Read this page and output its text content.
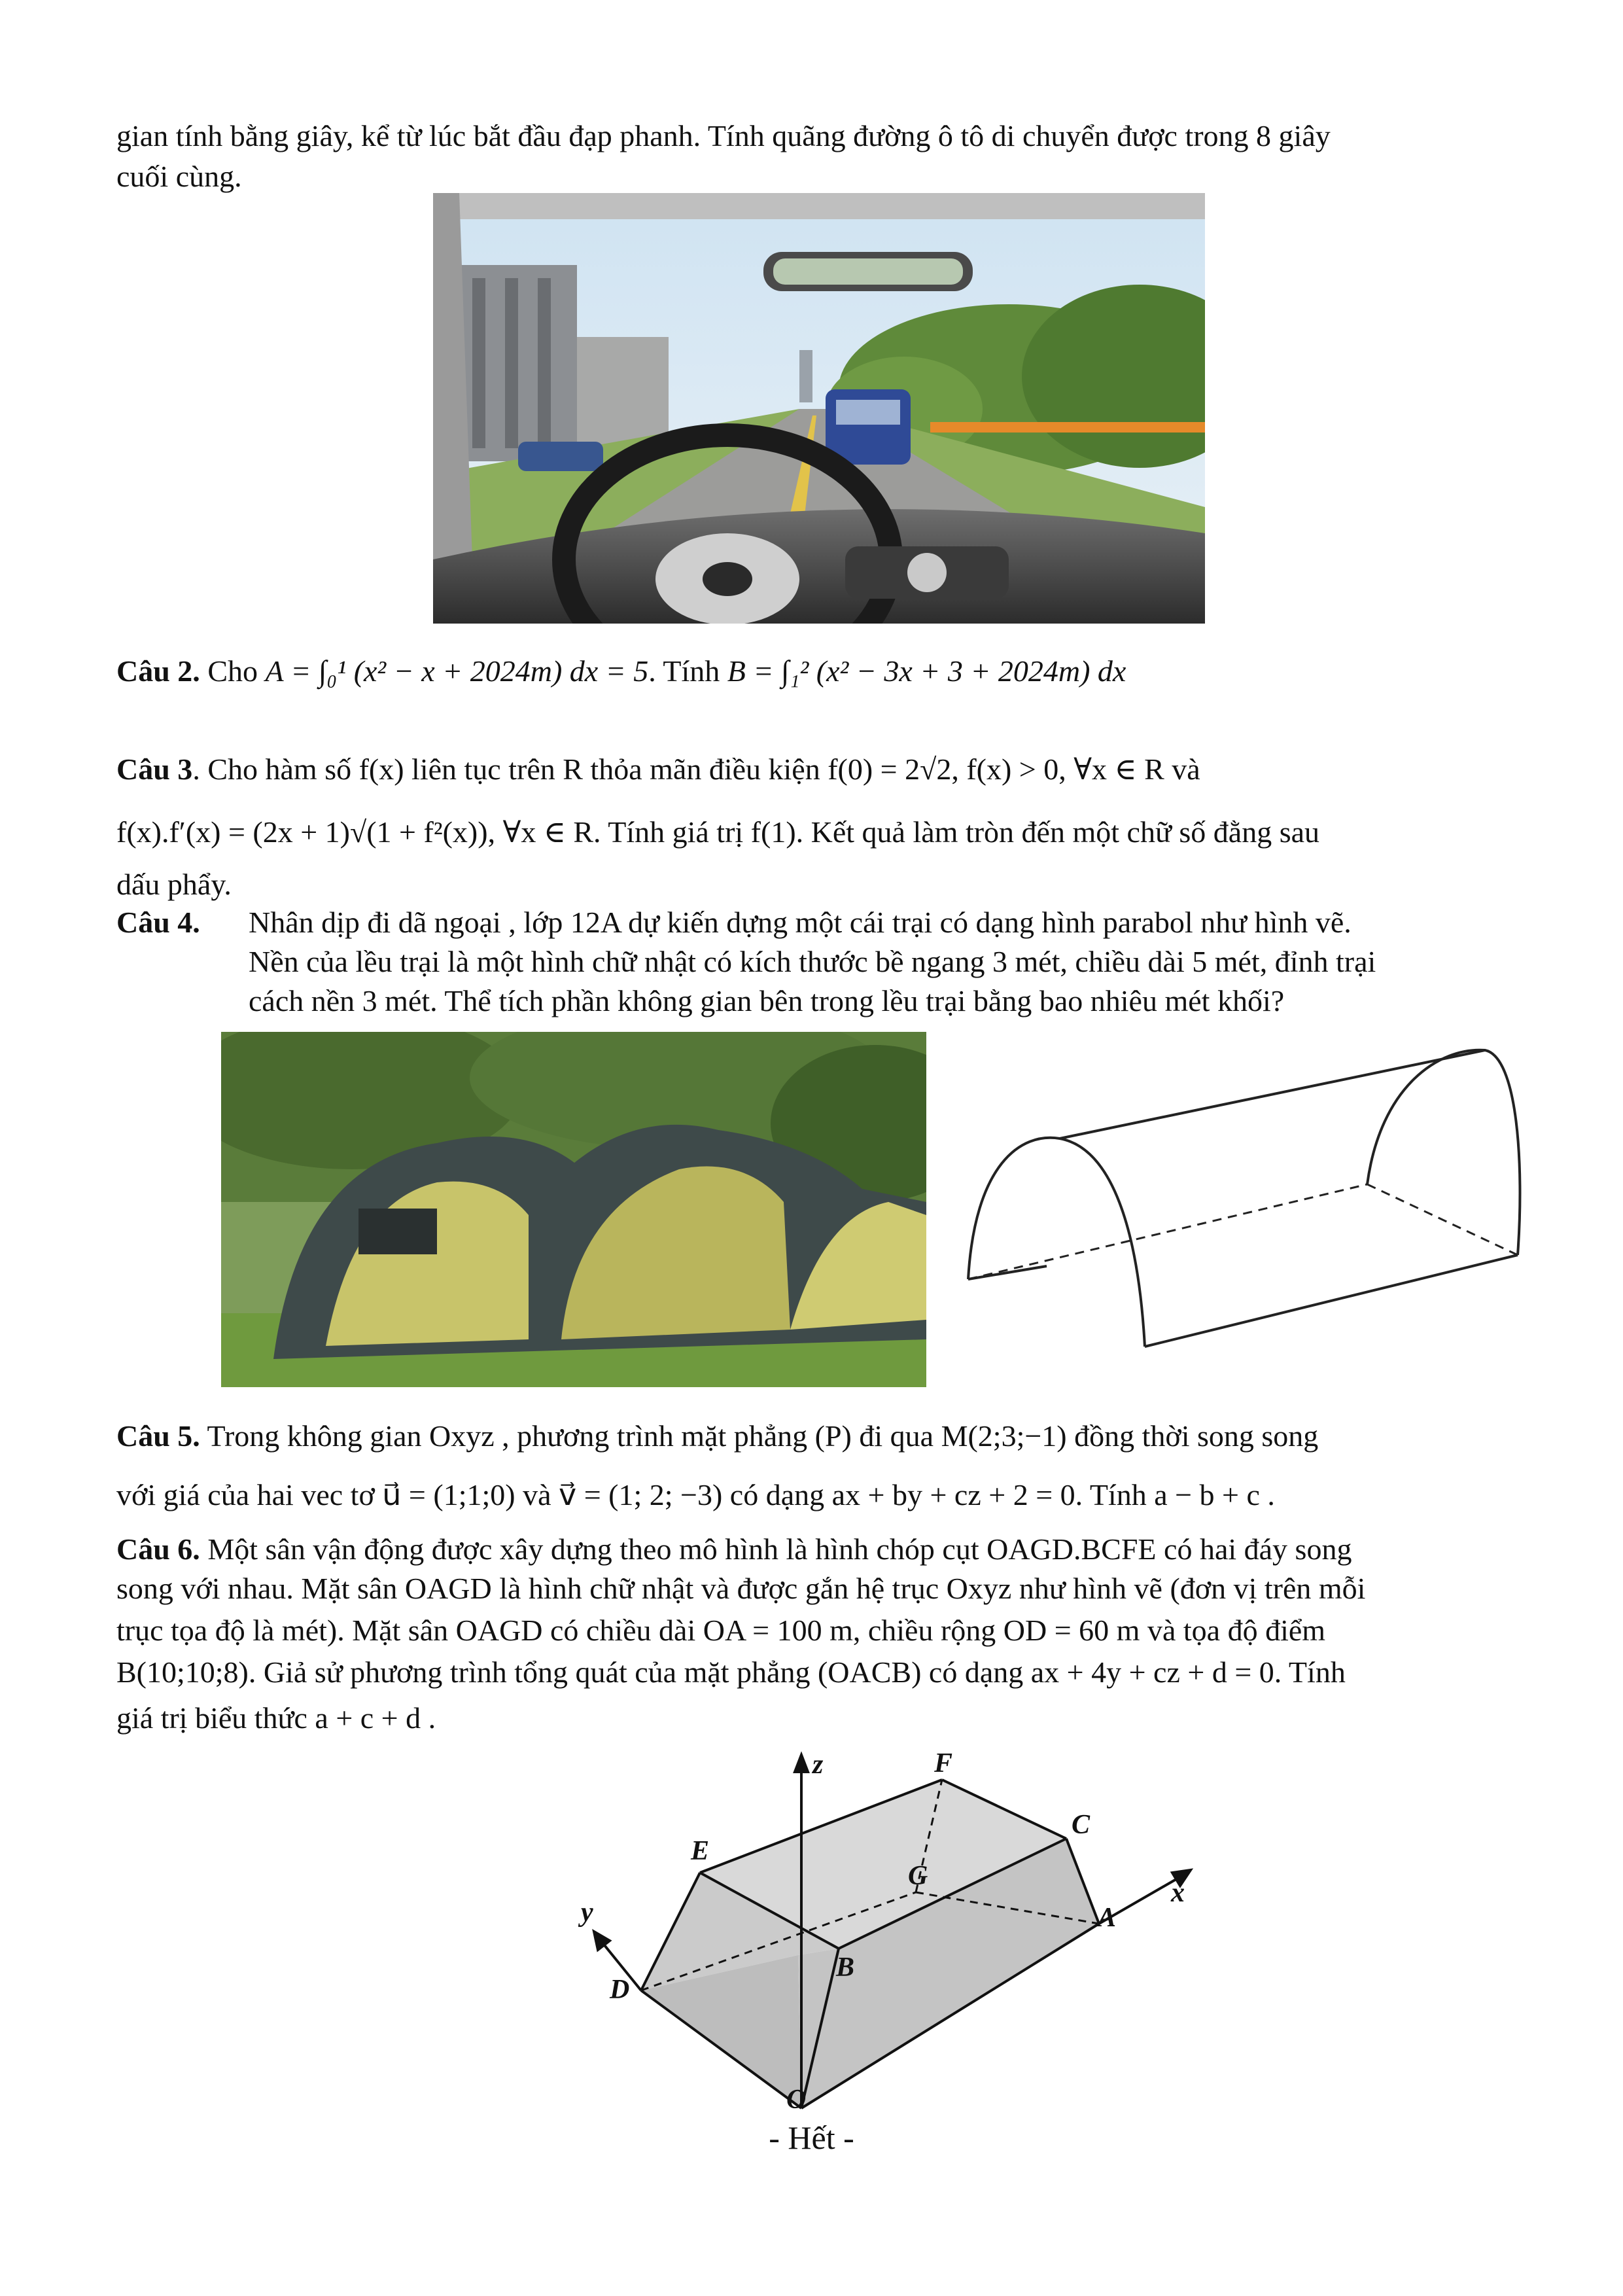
gian tính bằng giây, kể từ lúc bắt đầu đạp phanh. Tính quãng đường ô tô di chuyển được trong 8 giây
cuối cùng.
Câu 2. Cho A = ∫₀¹ (x² − x + 2024m) dx = 5. Tính B = ∫₁² (x² − 3x + 3 + 2024m) dx
Câu 3. Cho hàm số f(x) liên tục trên R thỏa mãn điều kiện f(0) = 2√2, f(x) > 0, ∀x ∈ R và
f(x).f′(x) = (2x + 1)√(1 + f²(x)), ∀x ∈ R. Tính giá trị f(1). Kết quả làm tròn đến một chữ số đằng sau
dấu phẩy.
Câu 4. Nhân dịp đi dã ngoại , lớp 12A dự kiến dựng một cái trại có dạng hình parabol như hình vẽ.
Nền của lều trại là một hình chữ nhật có kích thước bề ngang 3 mét, chiều dài 5 mét, đỉnh trại
cách nền 3 mét. Thể tích phần không gian bên trong lều trại bằng bao nhiêu mét khối?
Câu 5. Trong không gian Oxyz , phương trình mặt phẳng (P) đi qua M(2;3;−1) đồng thời song song
với giá của hai vec tơ u⃗ = (1;1;0) và v⃗ = (1; 2; −3) có dạng ax + by + cz + 2 = 0. Tính a − b + c .
Câu 6. Một sân vận động được xây dựng theo mô hình là hình chóp cụt OAGD.BCFE có hai đáy song
song với nhau. Mặt sân OAGD là hình chữ nhật và được gắn hệ trục Oxyz như hình vẽ (đơn vị trên mỗi
trục tọa độ là mét). Mặt sân OAGD có chiều dài OA = 100 m, chiều rộng OD = 60 m và tọa độ điểm
B(10;10;8). Giả sử phương trình tổng quát của mặt phẳng (OACB) có dạng ax + 4y + cz + d = 0. Tính
giá trị biểu thức a + c + d .
z	F
C
x
E
G
y	A
D
B
O
- Hết -
